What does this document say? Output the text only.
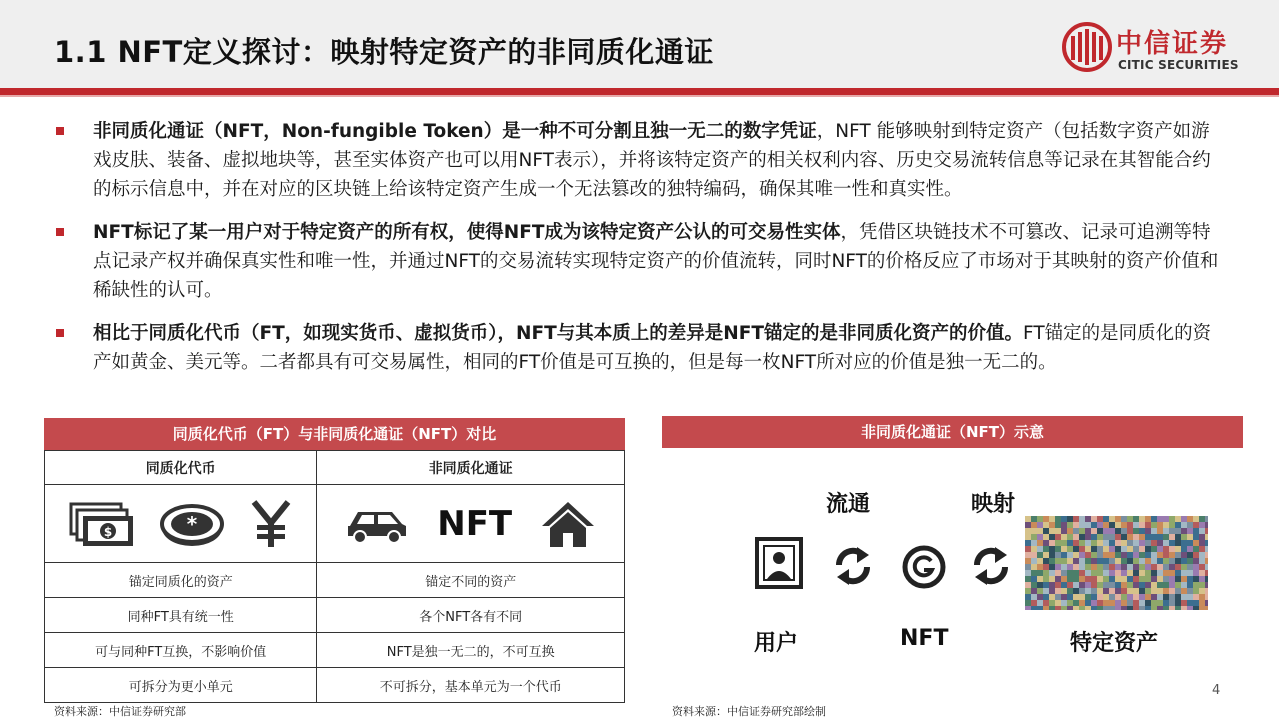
1.1 NFT定义探讨：映射特定资产的非同质化通证	中信证券
CITIC SECURITIES
非同质化通证（NFT，Non-fungible Token）是一种不可分割且独一无二的数字凭证，NFT 能够映射到特定资产（包括数字资产如游戏皮肤、装备、虚拟地块等，甚至实体资产也可以用NFT表示），并将该特定资产的相关权利内容、历史交易流转信息等记录在其智能合约的标示信息中，并在对应的区块链上给该特定资产生成一个无法篡改的独特编码，确保其唯一性和真实性。
NFT标记了某一用户对于特定资产的所有权，使得NFT成为该特定资产公认的可交易性实体，凭借区块链技术不可篡改、记录可追溯等特点记录产权并确保真实性和唯一性，并通过NFT的交易流转实现特定资产的价值流转，同时NFT的价格反应了市场对于其映射的资产价值和稀缺性的认可。
相比于同质化代币（FT，如现实货币、虚拟货币），NFT与其本质上的差异是NFT锚定的是非同质化资产的价值。FT锚定的是同质化的资产如黄金、美元等。二者都具有可交易属性，相同的FT价值是可互换的，但是每一枚NFT所对应的价值是独一无二的。
同质化代币（FT）与非同质化通证（NFT）对比
同质化代币	非同质化通证

$ *	NFT

锚定同质化的资产	锚定不同的资产
同种FT具有统一性	各个NFT各有不同
可与同种FT互换，不影响价值	NFT是独一无二的，不可互换
可拆分为更小单元	不可拆分，基本单元为一个代币
资料来源：中信证券研究部
非同质化通证（NFT）示意
流通	映射
用户	NFT	特定资产
资料来源：中信证券研究部绘制
4
